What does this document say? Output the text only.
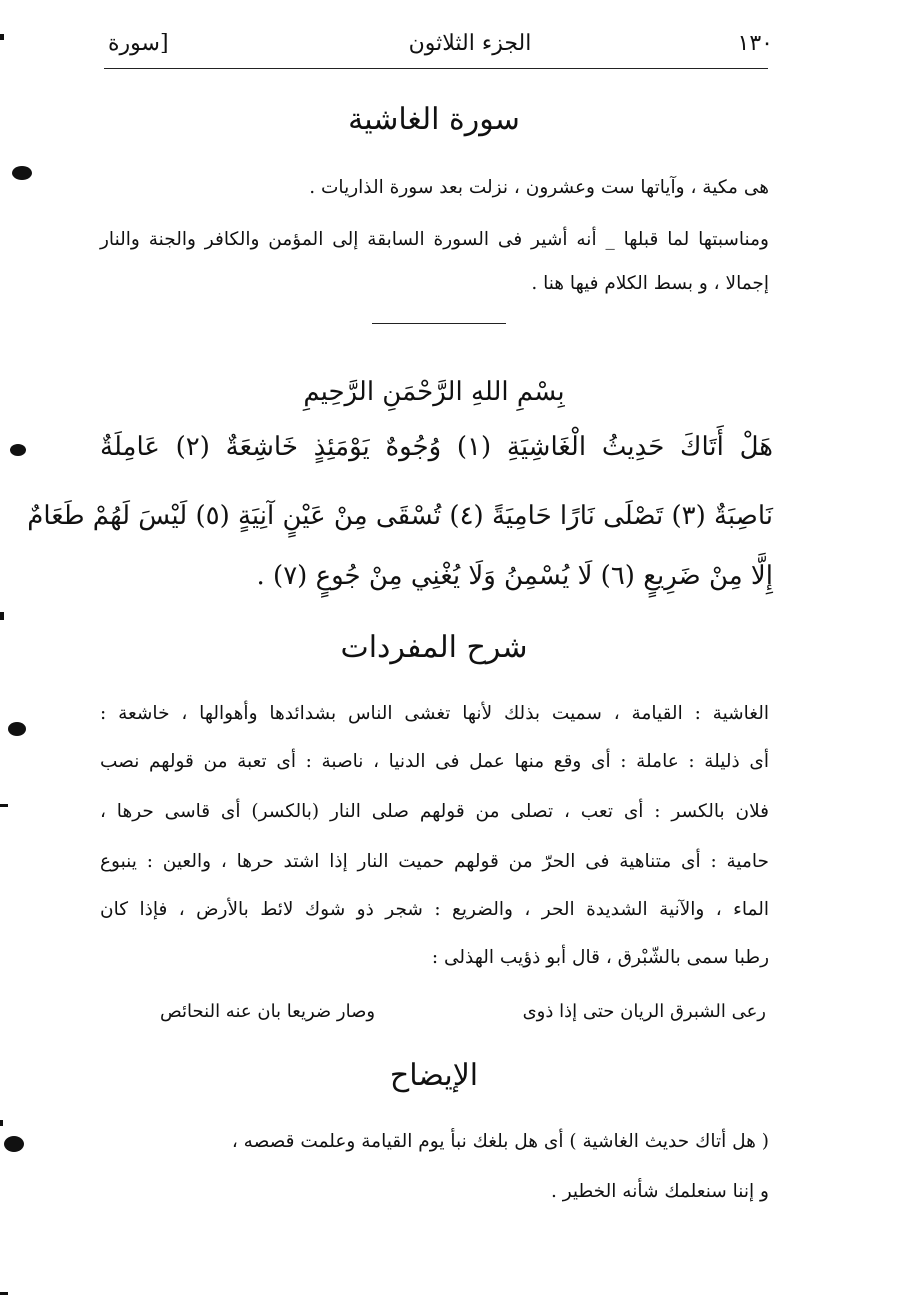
١٣٠
الجزء الثلاثون
[سورة
سورة الغاشية
هى مكية ، وآياتها ست وعشرون ، نزلت بعد سورة الذاريات .
ومناسبتها لما قبلها _ أنه أشير فى السورة السابقة إلى المؤمن والكافر والجنة والنار
إجمالا ، و بسط الكلام فيها هنا .
بِسْمِ اللهِ الرَّحْمَنِ الرَّحِيمِ
هَلْ أَتَاكَ حَدِيثُ الْغَاشِيَةِ (١) وُجُوهٌ يَوْمَئِذٍ خَاشِعَةٌ (٢) عَامِلَةٌ
نَاصِبَةٌ (٣) تَصْلَى نَارًا حَامِيَةً (٤) تُسْقَى مِنْ عَيْنٍ آنِيَةٍ (٥) لَيْسَ لَهُمْ طَعَامٌ
إِلَّا مِنْ ضَرِيعٍ (٦) لَا يُسْمِنُ وَلَا يُغْنِي مِنْ جُوعٍ (٧) .
شرح المفردات
الغاشية : القيامة ، سميت بذلك لأنها تغشى الناس بشدائدها وأهوالها ، خاشعة :
أى ذليلة : عاملة : أى وقع منها عمل فى الدنيا ، ناصبة : أى تعبة من قولهم نصب
فلان بالكسر : أى تعب ، تصلى من قولهم صلى النار (بالكسر) أى قاسى حرها ،
حامية : أى متناهية فى الحرّ من قولهم حميت النار إذا اشتد حرها ، والعين : ينبوع
الماء ، والآنية الشديدة الحر ، والضريع : شجر ذو شوك لائط بالأرض ، فإذا كان
رطبا سمى بالشّبْرق ، قال أبو ذؤيب الهذلى :
رعى الشبرق الريان حتى إذا ذوى
وصار ضريعا بان عنه النحائص
الإيضاح
( هل أتاك حديث الغاشية ) أى هل بلغك نبأ يوم القيامة وعلمت قصصه ،
و إننا سنعلمك شأنه الخطير .
